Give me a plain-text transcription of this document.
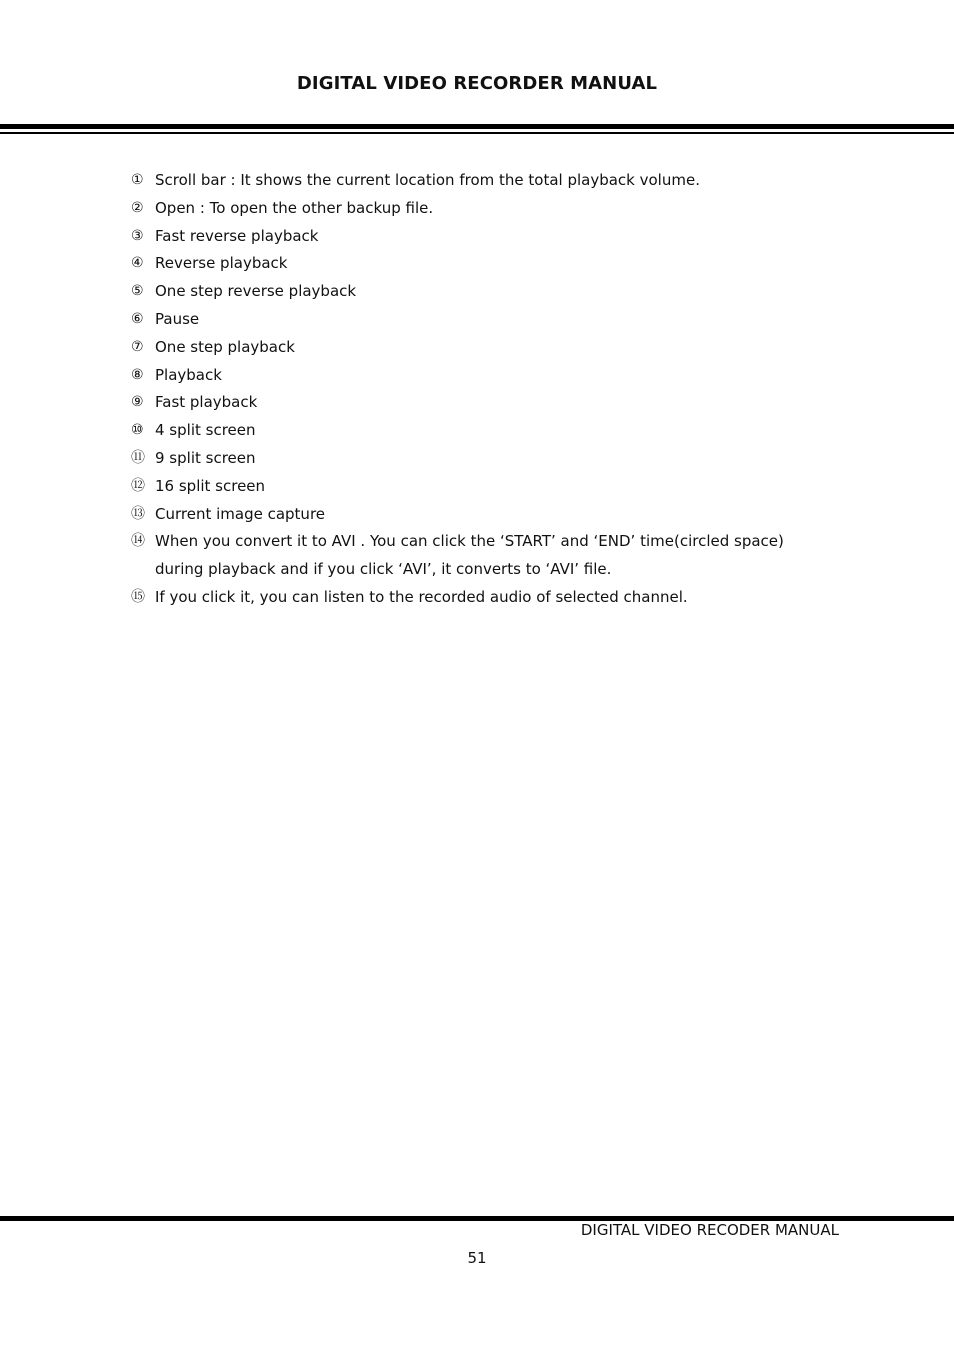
DIGITAL VIDEO RECORDER MANUAL
① Scroll bar : It shows the current location from the total playback volume.
② Open : To open the other backup file.
③ Fast reverse playback
④ Reverse playback
⑤ One step reverse playback
⑥ Pause
⑦ One step playback
⑧ Playback
⑨ Fast playback
⑩ 4 split screen
⑪ 9 split screen
⑫ 16 split screen
⑬ Current image capture
⑭ When you convert it to AVI . You can click the ‘START’ and ‘END’ time(circled space) during playback and if you click ‘AVI’, it converts to ‘AVI’ file.
⑮ If you click it, you can listen to the recorded audio of selected channel.
DIGITAL VIDEO RECODER MANUAL
51
